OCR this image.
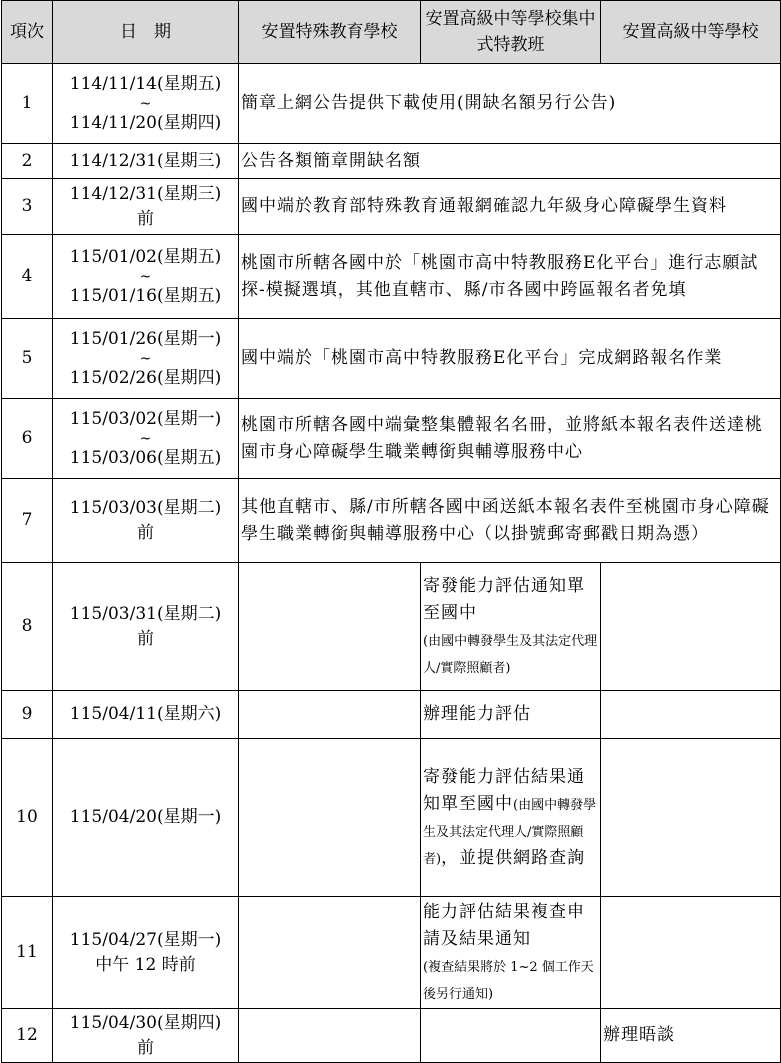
項次	日　期	安置特殊教育學校	安置高級中等學校集中式特教班	安置高級中等學校
1	114/11/14(星期五)
~
114/11/20(星期四)	簡章上網公告提供下載使用(開缺名額另行公告)		
2	114/12/31(星期三)	公告各類簡章開缺名額		
3	114/12/31(星期三)
前	國中端於教育部特殊教育通報網確認九年級身心障礙學生資料		
4	115/01/02(星期五)
~
115/01/16(星期五)	桃園市所轄各國中於「桃園市高中特教服務E化平台」進行志願試探-模擬選填，其他直轄市、縣/市各國中跨區報名者免填		
5	115/01/26(星期一)
~
115/02/26(星期四)	國中端於「桃園市高中特教服務E化平台」完成網路報名作業		
6	115/03/02(星期一)
~
115/03/06(星期五)	桃園市所轄各國中端彙整集體報名名冊，並將紙本報名表件送達桃園市身心障礙學生職業轉銜與輔導服務中心		
7	115/03/03(星期二)
前	其他直轄市、縣/市所轄各國中函送紙本報名表件至桃園市身心障礙學生職業轉銜與輔導服務中心（以掛號郵寄郵戳日期為憑）		
8	115/03/31(星期二)
前		寄發能力評估通知單至國中
(由國中轉發學生及其法定代理人/實際照顧者)	
9	115/04/11(星期六)		辦理能力評估	
10	115/04/20(星期一)		寄發能力評估結果通知單至國中(由國中轉發學生及其法定代理人/實際照顧者)，並提供網路查詢	
11	115/04/27(星期一)
中午 12 時前		能力評估結果複查申請及結果通知
(複查結果將於 1~2 個工作天後另行通知)	
12	115/04/30(星期四)
前			辦理晤談
